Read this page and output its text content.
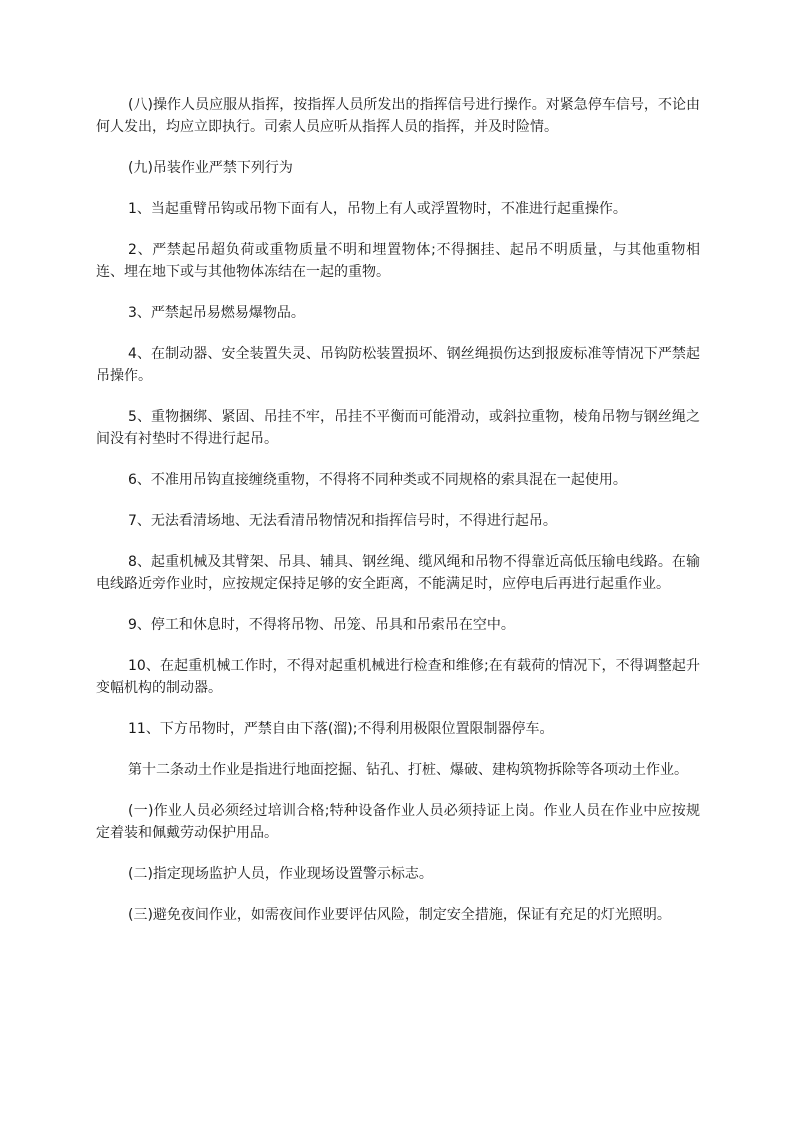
(八)操作人员应服从指挥，按指挥人员所发出的指挥信号进行操作。对紧急停车信号，不论由何人发出，均应立即执行。司索人员应听从指挥人员的指挥，并及时险情。

(九)吊装作业严禁下列行为

1、当起重臂吊钩或吊物下面有人，吊物上有人或浮置物时，不准进行起重操作。

2、严禁起吊超负荷或重物质量不明和埋置物体;不得捆挂、起吊不明质量，与其他重物相连、埋在地下或与其他物体冻结在一起的重物。

3、严禁起吊易燃易爆物品。

4、在制动器、安全装置失灵、吊钩防松装置损坏、钢丝绳损伤达到报废标准等情况下严禁起吊操作。

5、重物捆绑、紧固、吊挂不牢，吊挂不平衡而可能滑动，或斜拉重物，棱角吊物与钢丝绳之间没有衬垫时不得进行起吊。

6、不准用吊钩直接缠绕重物，不得将不同种类或不同规格的索具混在一起使用。

7、无法看清场地、无法看清吊物情况和指挥信号时，不得进行起吊。

8、起重机械及其臂架、吊具、辅具、钢丝绳、缆风绳和吊物不得靠近高低压输电线路。在输电线路近旁作业时，应按规定保持足够的安全距离，不能满足时，应停电后再进行起重作业。

9、停工和休息时，不得将吊物、吊笼、吊具和吊索吊在空中。

10、在起重机械工作时，不得对起重机械进行检查和维修;在有载荷的情况下，不得调整起升变幅机构的制动器。

11、下方吊物时，严禁自由下落(溜);不得利用极限位置限制器停车。

第十二条动土作业是指进行地面挖掘、钻孔、打桩、爆破、建构筑物拆除等各项动土作业。

(一)作业人员必须经过培训合格;特种设备作业人员必须持证上岗。作业人员在作业中应按规定着装和佩戴劳动保护用品。

(二)指定现场监护人员，作业现场设置警示标志。

(三)避免夜间作业，如需夜间作业要评估风险，制定安全措施，保证有充足的灯光照明。
